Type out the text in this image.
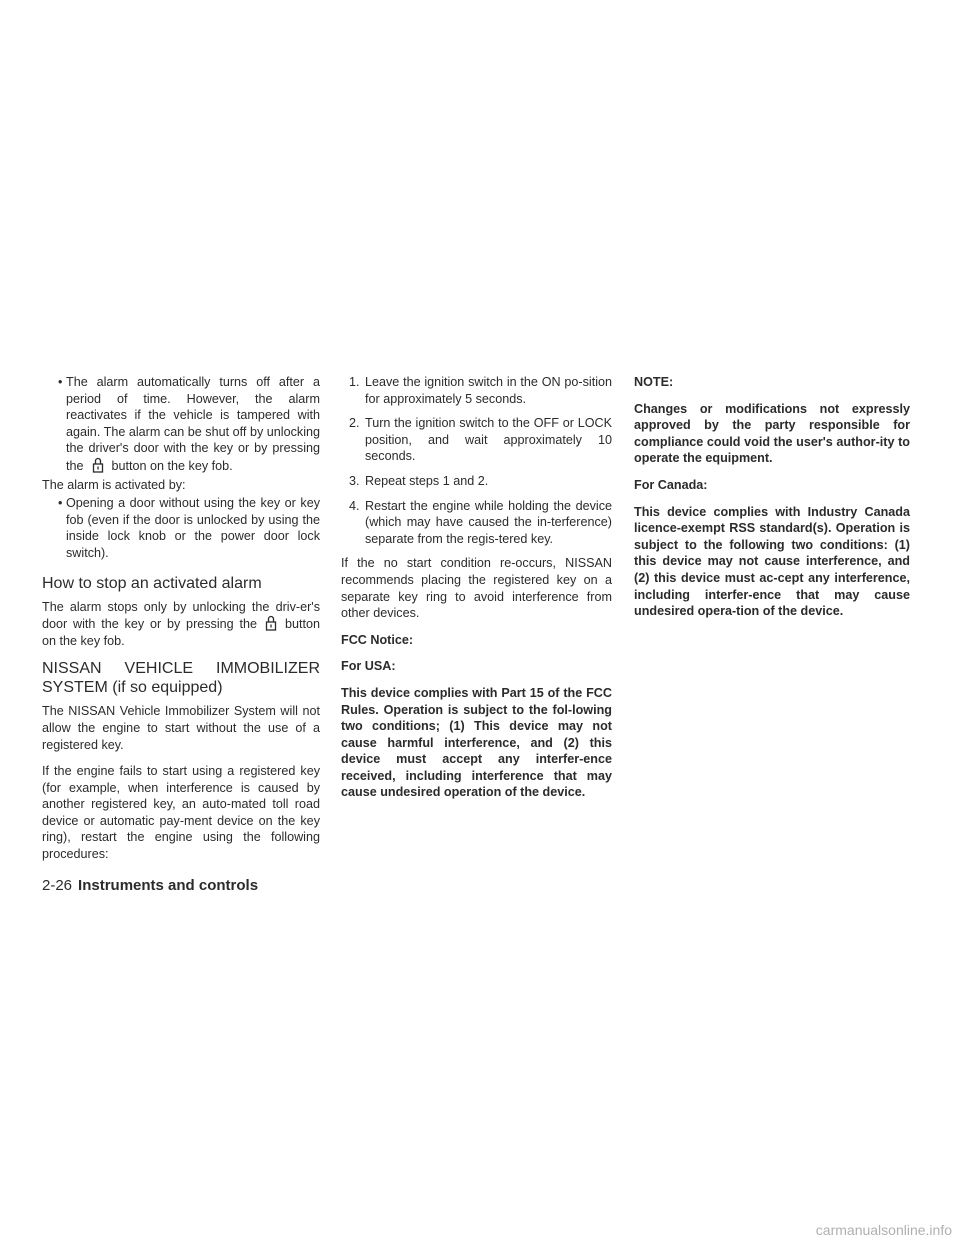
• The alarm automatically turns off after a period of time. However, the alarm reactivates if the vehicle is tampered with again. The alarm can be shut off by unlocking the driver's door with the key or by pressing the button on the key fob.

The alarm is activated by:

• Opening a door without using the key or key fob (even if the door is unlocked by using the inside lock knob or the power door lock switch).

How to stop an activated alarm

The alarm stops only by unlocking the driv-er's door with the key or by pressing the button on the key fob.

NISSAN VEHICLE IMMOBILIZER SYSTEM (if so equipped)

The NISSAN Vehicle Immobilizer System will not allow the engine to start without the use of a registered key.

If the engine fails to start using a registered key (for example, when interference is caused by another registered key, an auto-mated toll road device or automatic pay-ment device on the key ring), restart the engine using the following procedures:

1. Leave the ignition switch in the ON po-sition for approximately 5 seconds.
2. Turn the ignition switch to the OFF or LOCK position, and wait approximately 10 seconds.
3. Repeat steps 1 and 2.
4. Restart the engine while holding the device (which may have caused the in-terference) separate from the regis-tered key.

If the no start condition re-occurs, NISSAN recommends placing the registered key on a separate key ring to avoid interference from other devices.

FCC Notice:

For USA:

This device complies with Part 15 of the FCC Rules. Operation is subject to the fol-lowing two conditions; (1) This device may not cause harmful interference, and (2) this device must accept any interfer-ence received, including interference that may cause undesired operation of the device.

NOTE:

Changes or modifications not expressly approved by the party responsible for compliance could void the user's author-ity to operate the equipment.

For Canada:

This device complies with Industry Canada licence-exempt RSS standard(s). Operation is subject to the following two conditions: (1) this device may not cause interference, and (2) this device must ac-cept any interference, including interfer-ence that may cause undesired opera-tion of the device.

2-26 Instruments and controls
carmanualsonline.info
